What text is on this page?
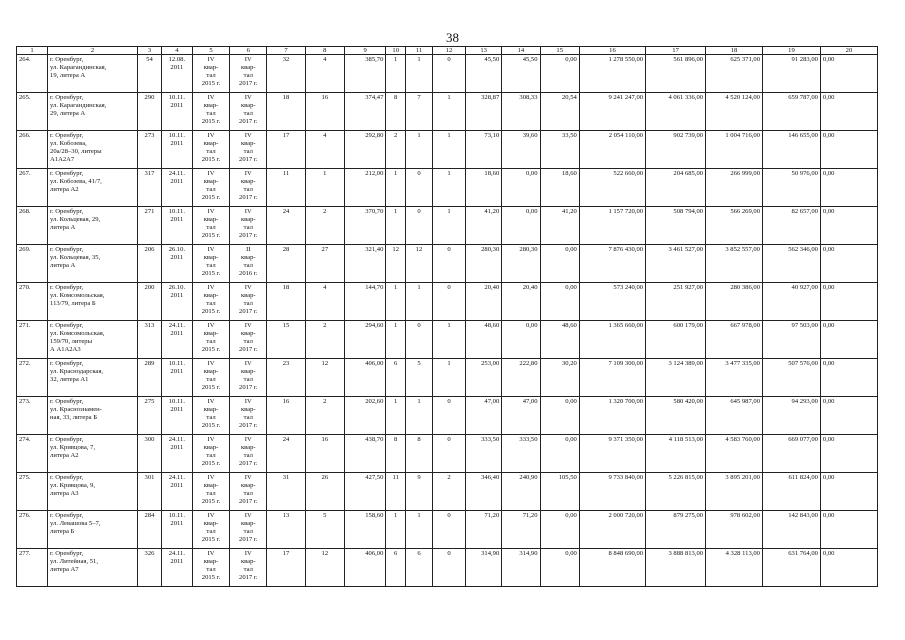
38
1	2	3	4	5	6	7	8	9	10	11	12	13	14	15	16	17	18	19	20
264.	г. Оренбург,
ул. Карагандинская,
19, литера А	54	12.08.
2011	IV
квар-
тал
2015 г.	IV
квар-
тал
2017 г.	32	4	385,70	1	1	0	45,50	45,50	0,00	1 278 550,00	561 896,00	625 371,00	91 283,00	0,00
265.	г. Оренбург,
ул. Карагандинская,
29, литера А	290	10.11.
2011	IV
квар-
тал
2015 г.	IV
квар-
тал
2017 г.	18	16	374,47	8	7	1	328,87	308,33	20,54	9 241 247,00	4 061 336,00	4 520 124,00	659 787,00	0,00
266.	г. Оренбург,
ул. Кобозева,
20а/28–30, литеры
А1А2А7	273	10.11.
2011	IV
квар-
тал
2015 г.	IV
квар-
тал
2017 г.	17	4	292,80	2	1	1	73,10	39,60	33,50	2 054 110,00	902 739,00	1 004 716,00	146 655,00	0,00
267.	г. Оренбург,
ул. Кобозева, 41/7,
литера А2	317	24.11.
2011	IV
квар-
тал
2015 г.	IV
квар-
тал
2017 г.	11	1	212,00	1	0	1	18,60	0,00	18,60	522 660,00	204 685,00	266 999,00	50 976,00	0,00
268.	г. Оренбург,
ул. Кольцевая, 29,
литера А	271	10.11.
2011	IV
квар-
тал
2015 г.	IV
квар-
тал
2017 г.	24	2	370,70	1	0	1	41,20	0,00	41,20	1 157 720,00	508 794,00	566 269,00	82 657,00	0,00
269.	г. Оренбург,
ул. Кольцевая, 35,
литера А	206	26.10.
2011	IV
квар-
тал
2015 г.	II
квар-
тал
2016 г.	28	27	321,40	12	12	0	280,30	280,30	0,00	7 876 430,00	3 461 527,00	3 852 557,00	562 346,00	0,00
270.	г. Оренбург,
ул. Комсомольская,
113/79, литера Б	200	26.10.
2011	IV
квар-
тал
2015 г.	IV
квар-
тал
2017 г.	18	4	144,70	1	1	0	20,40	20,40	0,00	573 240,00	251 927,00	280 386,00	40 927,00	0,00
271.	г. Оренбург,
ул. Комсомольская,
159/70, литеры
А А1А2А3	313	24.11.
2011	IV
квар-
тал
2015 г.	IV
квар-
тал
2017 г.	15	2	294,60	1	0	1	48,60	0,00	48,60	1 365 660,00	600 179,00	667 978,00	97 503,00	0,00
272.	г. Оренбург,
ул. Краснодарская,
32, литера А1	289	10.11.
2011	IV
квар-
тал
2015 г.	IV
квар-
тал
2017 г.	23	12	406,00	6	5	1	253,00	222,80	30,20	7 109 300,00	3 124 389,00	3 477 335,00	507 576,00	0,00
273.	г. Оренбург,
ул. Краснознамен-
ная, 33, литера Б	275	10.11.
2011	IV
квар-
тал
2015 г.	IV
квар-
тал
2017 г.	16	2	202,60	1	1	0	47,00	47,00	0,00	1 320 700,00	580 420,00	645 987,00	94 293,00	0,00
274.	г. Оренбург,
ул. Кривцова, 7,
литера А2	300	24.11.
2011	IV
квар-
тал
2015 г.	IV
квар-
тал
2017 г.	24	16	438,70	8	8	0	333,50	333,50	0,00	9 371 350,00	4 118 513,00	4 583 760,00	669 077,00	0,00
275.	г. Оренбург,
ул. Кривцова, 9,
литера А3	301	24.11.
2011	IV
квар-
тал
2015 г.	IV
квар-
тал
2017 г.	31	26	427,50	11	9	2	346,40	240,90	105,50	9 733 840,00	5 226 815,00	3 895 201,00	611 824,00	0,00
276.	г. Оренбург,
ул. Левашова 5–7,
литера Б	284	10.11.
2011	IV
квар-
тал
2015 г.	IV
квар-
тал
2017 г.	13	5	158,60	1	1	0	71,20	71,20	0,00	2 000 720,00	879 275,00	978 602,00	142 843,00	0,00
277.	г. Оренбург,
ул. Литейная, 51,
литера А7	326	24.11.
2011	IV
квар-
тал
2015 г.	IV
квар-
тал
2017 г.	17	12	406,00	6	6	0	314,90	314,90	0,00	8 848 690,00	3 888 813,00	4 328 113,00	631 764,00	0,00
